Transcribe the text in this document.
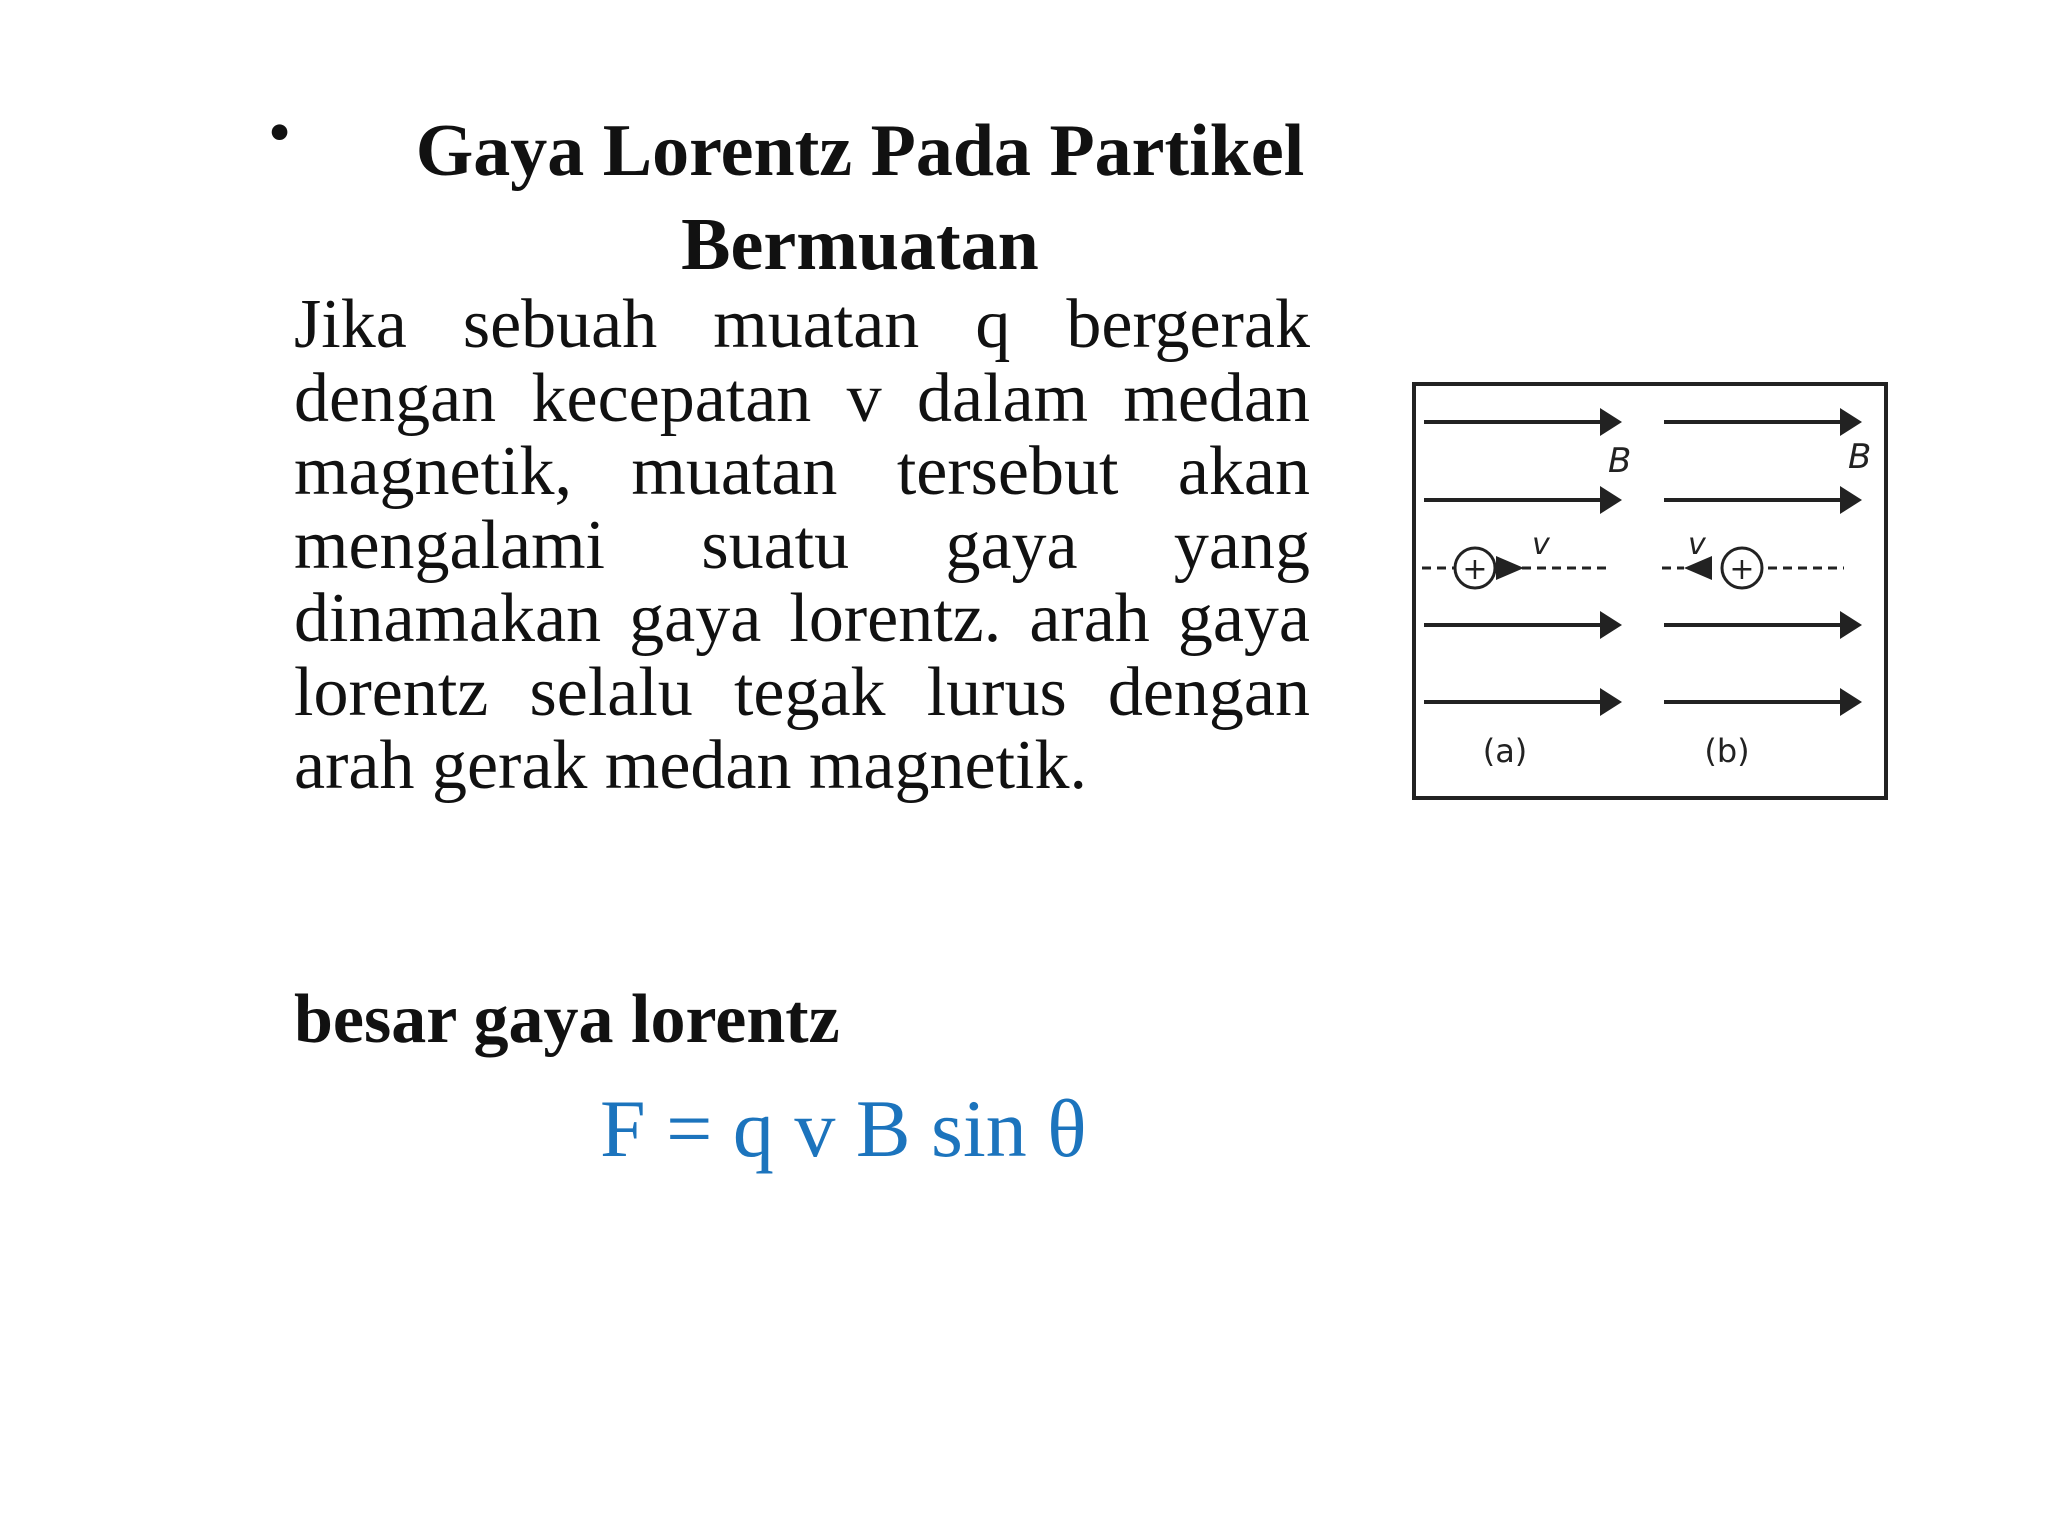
•	Gaya Lorentz Pada Partikel
Bermuatan

Jika sebuah muatan q bergerak dengan kecepatan v dalam medan magnetik, muatan tersebut akan mengalami suatu gaya yang dinamakan gaya lorentz. arah gaya lorentz selalu tegak lurus dengan arah gerak medan magnetik.

besar gaya lorentz
F = q v B sin θ
B	B
+
v
+
v
(a)	(b)
